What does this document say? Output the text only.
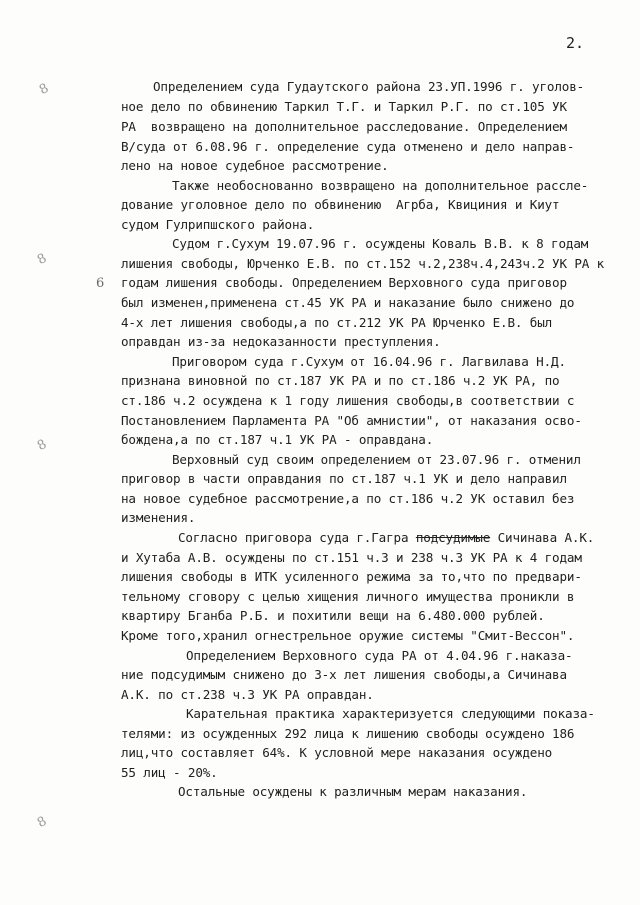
2.
8
8
8
6
8
Определением суда Гудаутского района 23.УП.1996 г. уголов-
ное дело по обвинению Таркил Т.Г. и Таркил Р.Г. по ст.105 УК
РА  возвращено на дополнительное расследование. Определением
В/суда от 6.08.96 г. определение суда отменено и дело направ-
лено на новое судебное рассмотрение.
Также необоснованно возвращено на дополнительное рассле-
дование уголовное дело по обвинению  Агрба, Квициния и Киут
судом Гулрипшского района.
Судом г.Сухум 19.07.96 г. осуждены Коваль В.В. к 8 годам
лишения свободы, Юрченко Е.В. по ст.152 ч.2,238ч.4,243ч.2 УК РА к
годам лишения свободы. Определением Верховного суда приговор
был изменен,применена ст.45 УК РА и наказание было снижено до
4-х лет лишения свободы,а по ст.212 УК РА Юрченко Е.В. был
оправдан из-за недоказанности преступления.
Приговором суда г.Сухум от 16.04.96 г. Лагвилава Н.Д.
признана виновной по ст.187 УК РА и по ст.186 ч.2 УК РА, по
ст.186 ч.2 осуждена к 1 году лишения свободы,в соответствии с
Постановлением Парламента РА "Об амнистии", от наказания осво-
бождена,а по ст.187 ч.1 УК РА - оправдана.
Верховный суд своим определением от 23.07.96 г. отменил
приговор в части оправдания по ст.187 ч.1 УК и дело направил
на новое судебное рассмотрение,а по ст.186 ч.2 УК оставил без
изменения.
Согласно приговора суда г.Гагра подсудимые Сичинава А.К.
и Хутаба А.В. осуждены по ст.151 ч.3 и 238 ч.3 УК РА к 4 годам
лишения свободы в ИТК усиленного режима за то,что по предвари-
тельному сговору с целью хищения личного имущества проникли в
квартиру Бганба Р.Б. и похитили вещи на 6.480.000 рублей.
Кроме того,хранил огнестрельное оружие системы "Смит-Вессон".
Определением Верховного суда РА от 4.04.96 г.наказа-
ние подсудимым снижено до 3-х лет лишения свободы,а Сичинава
А.К. по ст.238 ч.3 УК РА оправдан.
Карательная практика характеризуется следующими показа-
телями: из осужденных 292 лица к лишению свободы осуждено 186
лиц,что составляет 64%. К условной мере наказания осуждено
55 лиц - 20%.
Остальные осуждены к различным мерам наказания.
